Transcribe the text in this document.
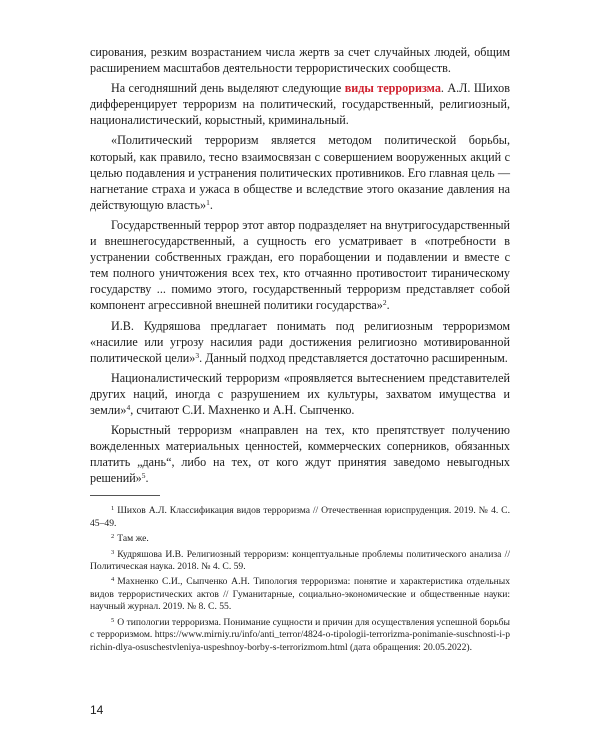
сирования, резким возрастанием числа жертв за счет случайных людей, общим расширением масштабов деятельности террористических сообществ.

На сегодняшний день выделяют следующие виды терроризма. А.Л. Шихов дифференцирует терроризм на политический, государственный, религиозный, националистический, корыстный, криминальный.

«Политический терроризм является методом политической борьбы, который, как правило, тесно взаимосвязан с совершением вооруженных акций с целью подавления и устранения политических противников. Его главная цель — нагнетание страха и ужаса в обществе и вследствие этого оказание давления на действующую власть»$^1$.

Государственный террор этот автор подразделяет на внутригосударственный и внешнегосударственный, а сущность его усматривает в «потребности в устранении собственных граждан, его порабощении и подавлении и вместе с тем полного уничтожения всех тех, кто отчаянно противостоит тираническому государству ... помимо этого, государственный терроризм представляет собой компонент агрессивной внешней политики государства»$^2$.

И.В. Кудряшова предлагает понимать под религиозным терроризмом «насилие или угрозу насилия ради достижения религиозно мотивированной политической цели»$^3$. Данный подход представляется достаточно расширенным.

Националистический терроризм «проявляется вытеснением представителей других наций, иногда с разрушением их культуры, захватом имущества и земли»$^4$, считают С.И. Махненко и А.Н. Сыпченко.

Корыстный терроризм «направлен на тех, кто препятствует получению вожделенных материальных ценностей, коммерческих соперников, обязанных платить „дань“, либо на тех, от кого ждут принятия заведомо невыгодных решений»$^5$.

$^1$ Шихов А.Л. Классификация видов терроризма // Отечественная юриспруденция. 2019. № 4. С. 45–49.

$^2$ Там же.

$^3$ Кудряшова И.В. Религиозный терроризм: концептуальные проблемы политического анализа // Политическая наука. 2018. № 4. С. 59.

$^4$ Махненко С.И., Сыпченко А.Н. Типология терроризма: понятие и характеристика отдельных видов террористических актов // Гуманитарные, социально-экономические и общественные науки: научный журнал. 2019. № 8. С. 55.

$^5$ О типологии терроризма. Понимание сущности и причин для осуществления успешной борьбы с терроризмом. https://www.mirniy.ru/info/anti_terror/4824-o-tipologii-terrorizma-ponimanie-suschnosti-i-prichin-dlya-osuschestvleniya-uspeshnoy-borby-s-terrorizmom.html (дата обращения: 20.05.2022).

14
